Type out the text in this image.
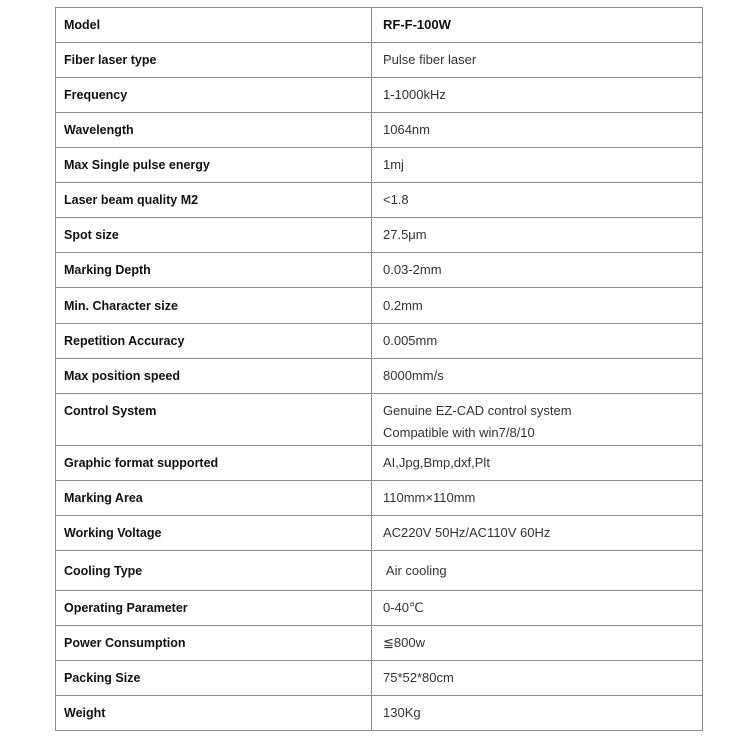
Model	RF-F-100W
Fiber laser type	Pulse fiber laser
Frequency	1-1000kHz
Wavelength	1064nm
Max Single pulse energy	1mj
Laser beam quality M2	<1.8
Spot size	27.5μm
Marking Depth	0.03-2mm
Min. Character size	0.2mm
Repetition Accuracy	0.005mm
Max position speed	8000mm/s
Control System	Genuine EZ-CAD control system
Compatible with win7/8/10

Graphic format supported	AI,Jpg,Bmp,dxf,Plt
Marking Area	110mm×110mm
Working Voltage	AC220V 50Hz/AC110V 60Hz
Cooling Type	Air cooling
Operating Parameter	0-40℃
Power Consumption	≦800w
Packing Size	75*52*80cm
Weight	130Kg
